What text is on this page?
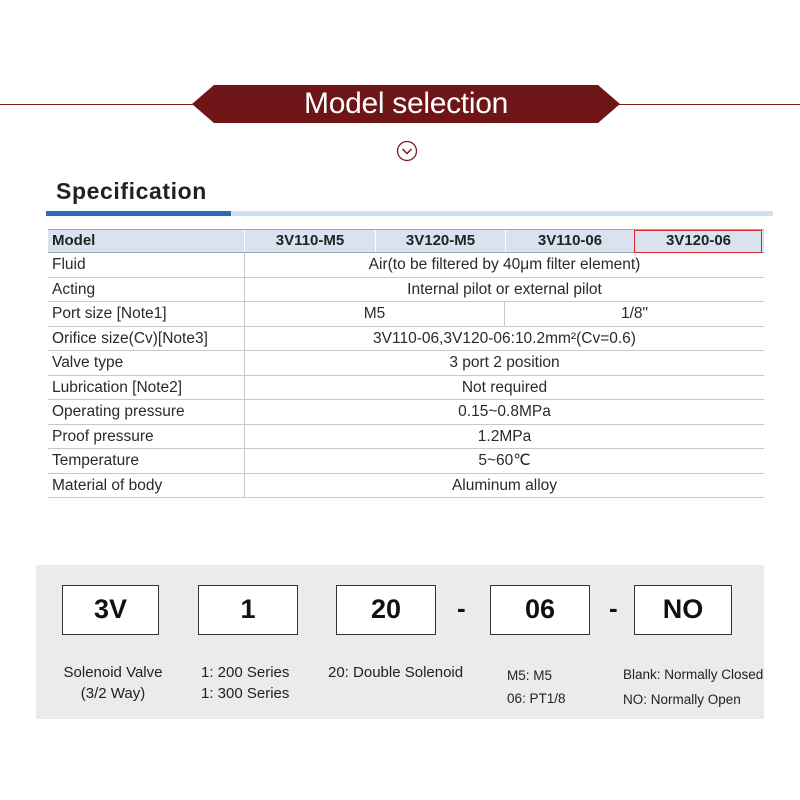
Model selection
Specification
Model	3V110-M5	3V120-M5	3V110-06	3V120-06
Fluid	Air(to be filtered by 40μm filter element)
Acting	Internal pilot or external pilot
Port size [Note1]	M5	1/8"
Orifice size(Cv)[Note3]	3V110-06,3V120-06:10.2mm²(Cv=0.6)
Valve type	3 port 2 position
Lubrication [Note2]	Not required
Operating pressure	0.15~0.8MPa
Proof pressure	1.2MPa
Temperature	5~60℃
Material of body	Aluminum alloy
3V	1	20	-	06	-	NO
Solenoid Valve
(3/2 Way)
1: 200 Series
1: 300 Series
20: Double Solenoid	M5: M5
06: PT1/8
Blank: Normally Closed
NO: Normally Open
